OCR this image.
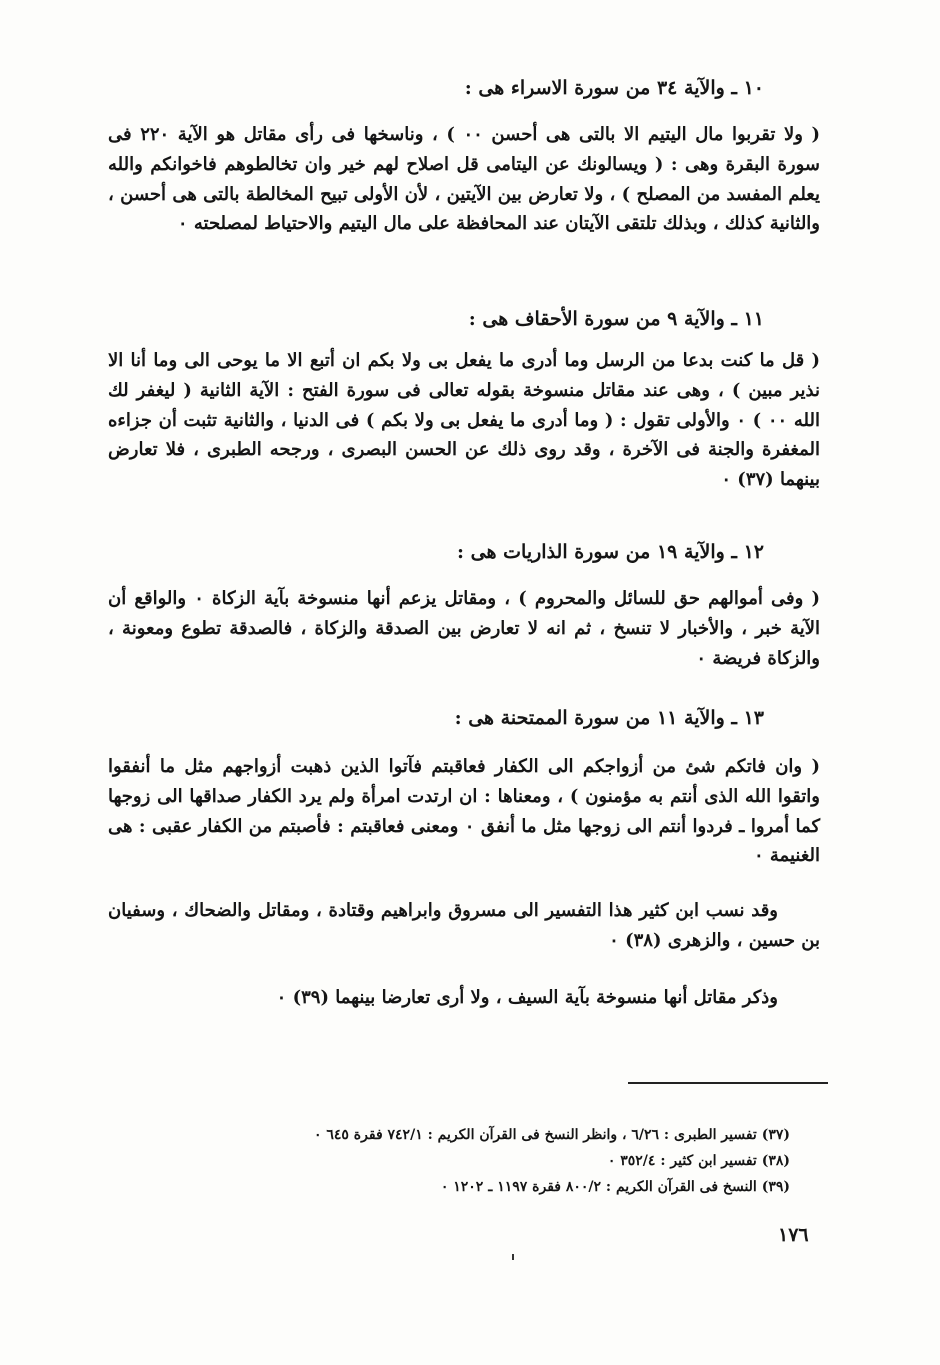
١٠ ـ والآية ٣٤ من سورة الاسراء هى :
( ولا تقربوا مال اليتيم الا بالتى هى أحسن ٠٠ ) ، وناسخها فى رأى مقاتل هو الآية ٢٢٠ فى سورة البقرة وهى : ( ويسالونك عن اليتامى قل اصلاح لهم خير وان تخالطوهم فاخوانكم والله يعلم المفسد من المصلح ) ، ولا تعارض بين الآيتين ، لأن الأولى تبيح المخالطة بالتى هى أحسن ، والثانية كذلك ، وبذلك تلتقى الآيتان عند المحافظة على مال اليتيم والاحتياط لمصلحته ٠
١١ ـ والآية ٩ من سورة الأحقاف هى :
( قل ما كنت بدعا من الرسل وما أدرى ما يفعل بى ولا بكم ان أتبع الا ما يوحى الى وما أنا الا نذير مبين ) ، وهى عند مقاتل منسوخة بقوله تعالى فى سورة الفتح : الآية الثانية ( ليغفر لك الله ٠٠ ) ٠ والأولى تقول : ( وما أدرى ما يفعل بى ولا بكم ) فى الدنيا ، والثانية تثبت أن جزاءه المغفرة والجنة فى الآخرة ، وقد روى ذلك عن الحسن البصرى ، ورجحه الطبرى ، فلا تعارض بينهما (٣٧) ٠
١٢ ـ والآية ١٩ من سورة الذاريات هى :
( وفى أموالهم حق للسائل والمحروم ) ، ومقاتل يزعم أنها منسوخة بآية الزكاة ٠ والواقع أن الآية خبر ، والأخبار لا تنسخ ، ثم انه لا تعارض بين الصدقة والزكاة ، فالصدقة تطوع ومعونة ، والزكاة فريضة ٠
١٣ ـ والآية ١١ من سورة الممتحنة هى :
( وان فاتكم شئ من أزواجكم الى الكفار فعاقبتم فآتوا الذين ذهبت أزواجهم مثل ما أنفقوا واتقوا الله الذى أنتم به مؤمنون ) ، ومعناها : ان ارتدت امرأة ولم يرد الكفار صداقها الى زوجها كما أمروا ـ فردوا أنتم الى زوجها مثل ما أنفق ٠ ومعنى فعاقبتم : فأصبتم من الكفار عقبى : هى الغنيمة ٠
وقد نسب ابن كثير هذا التفسير الى مسروق وابراهيم وقتادة ، ومقاتل والضحاك ، وسفيان بن حسين ، والزهرى (٣٨) ٠
وذكر مقاتل أنها منسوخة بآية السيف ، ولا أرى تعارضا بينهما (٣٩) ٠
(٣٧) تفسير الطبرى : ٦/٢٦ ، وانظر النسخ فى القرآن الكريم : ٧٤٢/١ فقرة ٦٤٥ ٠
(٣٨) تفسير ابن كثير : ٣٥٢/٤ ٠
(٣٩) النسخ فى القرآن الكريم : ٨٠٠/٢ فقرة ١١٩٧ ـ ١٢٠٢ ٠
١٧٦
